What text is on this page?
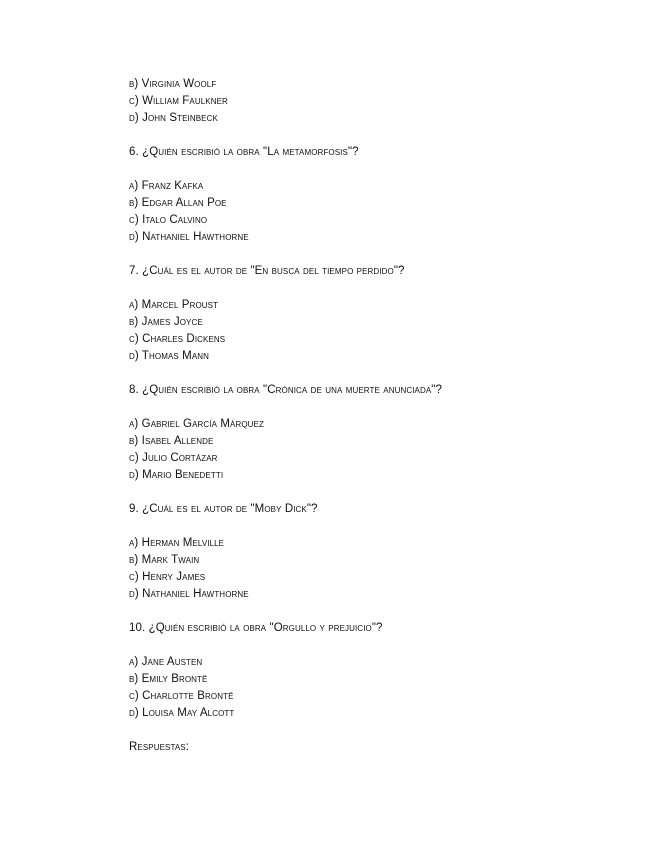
b) Virginia Woolf
c) William Faulkner
d) John Steinbeck
6. ¿Quién escribió la obra "La metamorfosis"?
a) Franz Kafka
b) Edgar Allan Poe
c) Italo Calvino
d) Nathaniel Hawthorne
7. ¿Cuál es el autor de "En busca del tiempo perdido"?
a) Marcel Proust
b) James Joyce
c) Charles Dickens
d) Thomas Mann
8. ¿Quién escribió la obra "Crónica de una muerte anunciada"?
a) Gabriel García Márquez
b) Isabel Allende
c) Julio Cortázar
d) Mario Benedetti
9. ¿Cuál es el autor de "Moby Dick"?
a) Herman Melville
b) Mark Twain
c) Henry James
d) Nathaniel Hawthorne
10. ¿Quién escribió la obra "Orgullo y prejuicio"?
a) Jane Austen
b) Emily Brontë
c) Charlotte Brontë
d) Louisa May Alcott
Respuestas:
